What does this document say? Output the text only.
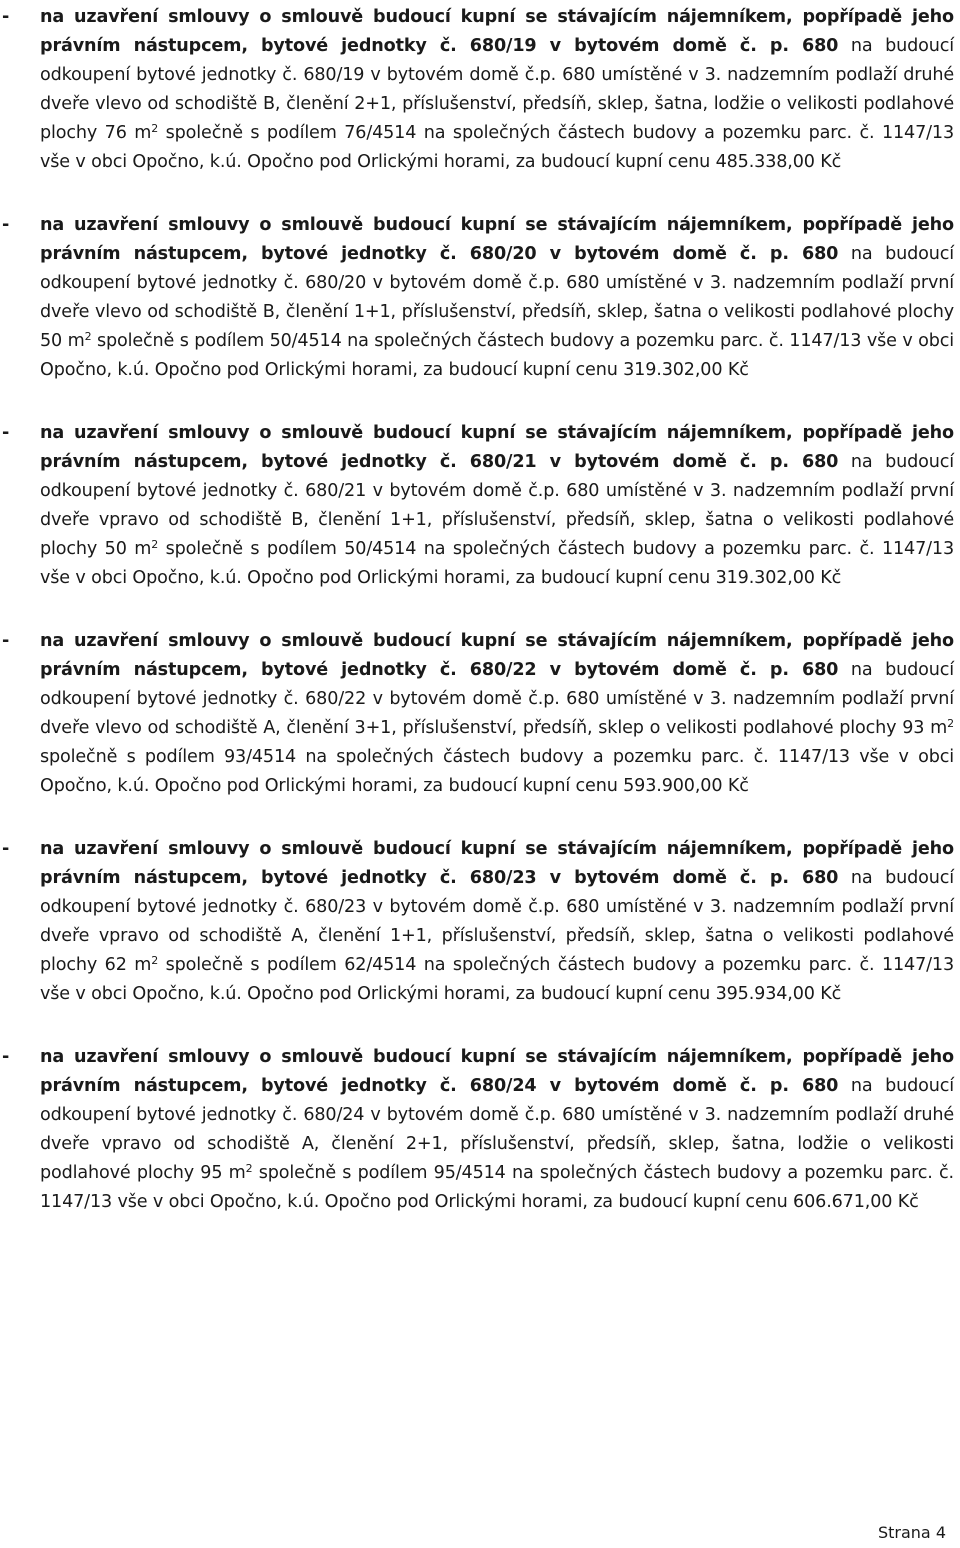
- na uzavření smlouvy o smlouvě budoucí kupní se stávajícím nájemníkem, popřípadě jeho právním nástupcem, bytové jednotky č. 680/19 v bytovém domě č. p. 680 na budoucí odkoupení bytové jednotky č. 680/19 v bytovém domě č.p. 680 umístěné v 3. nadzemním podlaží druhé dveře vlevo od schodiště B, členění 2+1, příslušenství, předsíň, sklep, šatna, lodžie o velikosti podlahové plochy 76 $m^2$ společně s podílem 76/4514 na společných částech budovy a pozemku parc. č. 1147/13 vše v obci Opočno, k.ú. Opočno pod Orlickými horami, za budoucí kupní cenu 485.338,00 Kč
- na uzavření smlouvy o smlouvě budoucí kupní se stávajícím nájemníkem, popřípadě jeho právním nástupcem, bytové jednotky č. 680/20 v bytovém domě č. p. 680 na budoucí odkoupení bytové jednotky č. 680/20 v bytovém domě č.p. 680 umístěné v 3. nadzemním podlaží první dveře vlevo od schodiště B, členění 1+1, příslušenství, předsíň, sklep, šatna o velikosti podlahové plochy 50 $m^2$ společně s podílem 50/4514 na společných částech budovy a pozemku parc. č. 1147/13 vše v obci Opočno, k.ú. Opočno pod Orlickými horami, za budoucí kupní cenu 319.302,00 Kč
- na uzavření smlouvy o smlouvě budoucí kupní se stávajícím nájemníkem, popřípadě jeho právním nástupcem, bytové jednotky č. 680/21 v bytovém domě č. p. 680 na budoucí odkoupení bytové jednotky č. 680/21 v bytovém domě č.p. 680 umístěné v 3. nadzemním podlaží první dveře vpravo od schodiště B, členění 1+1, příslušenství, předsíň, sklep, šatna o velikosti podlahové plochy 50 $m^2$ společně s podílem 50/4514 na společných částech budovy a pozemku parc. č. 1147/13 vše v obci Opočno, k.ú. Opočno pod Orlickými horami, za budoucí kupní cenu 319.302,00 Kč
- na uzavření smlouvy o smlouvě budoucí kupní se stávajícím nájemníkem, popřípadě jeho právním nástupcem, bytové jednotky č. 680/22 v bytovém domě č. p. 680 na budoucí odkoupení bytové jednotky č. 680/22 v bytovém domě č.p. 680 umístěné v 3. nadzemním podlaží první dveře vlevo od schodiště A, členění 3+1, příslušenství, předsíň, sklep o velikosti podlahové plochy 93 $m^2$ společně s podílem 93/4514 na společných částech budovy a pozemku parc. č. 1147/13 vše v obci Opočno, k.ú. Opočno pod Orlickými horami, za budoucí kupní cenu 593.900,00 Kč
- na uzavření smlouvy o smlouvě budoucí kupní se stávajícím nájemníkem, popřípadě jeho právním nástupcem, bytové jednotky č. 680/23 v bytovém domě č. p. 680 na budoucí odkoupení bytové jednotky č. 680/23 v bytovém domě č.p. 680 umístěné v 3. nadzemním podlaží první dveře vpravo od schodiště A, členění 1+1, příslušenství, předsíň, sklep, šatna o velikosti podlahové plochy 62 $m^2$ společně s podílem 62/4514 na společných částech budovy a pozemku parc. č. 1147/13 vše v obci Opočno, k.ú. Opočno pod Orlickými horami, za budoucí kupní cenu 395.934,00 Kč
- na uzavření smlouvy o smlouvě budoucí kupní se stávajícím nájemníkem, popřípadě jeho právním nástupcem, bytové jednotky č. 680/24 v bytovém domě č. p. 680 na budoucí odkoupení bytové jednotky č. 680/24 v bytovém domě č.p. 680 umístěné v 3. nadzemním podlaží druhé dveře vpravo od schodiště A, členění 2+1, příslušenství, předsíň, sklep, šatna, lodžie o velikosti podlahové plochy 95 $m^2$ společně s podílem 95/4514 na společných částech budovy a pozemku parc. č. 1147/13 vše v obci Opočno, k.ú. Opočno pod Orlickými horami, za budoucí kupní cenu 606.671,00 Kč
Strana 4
